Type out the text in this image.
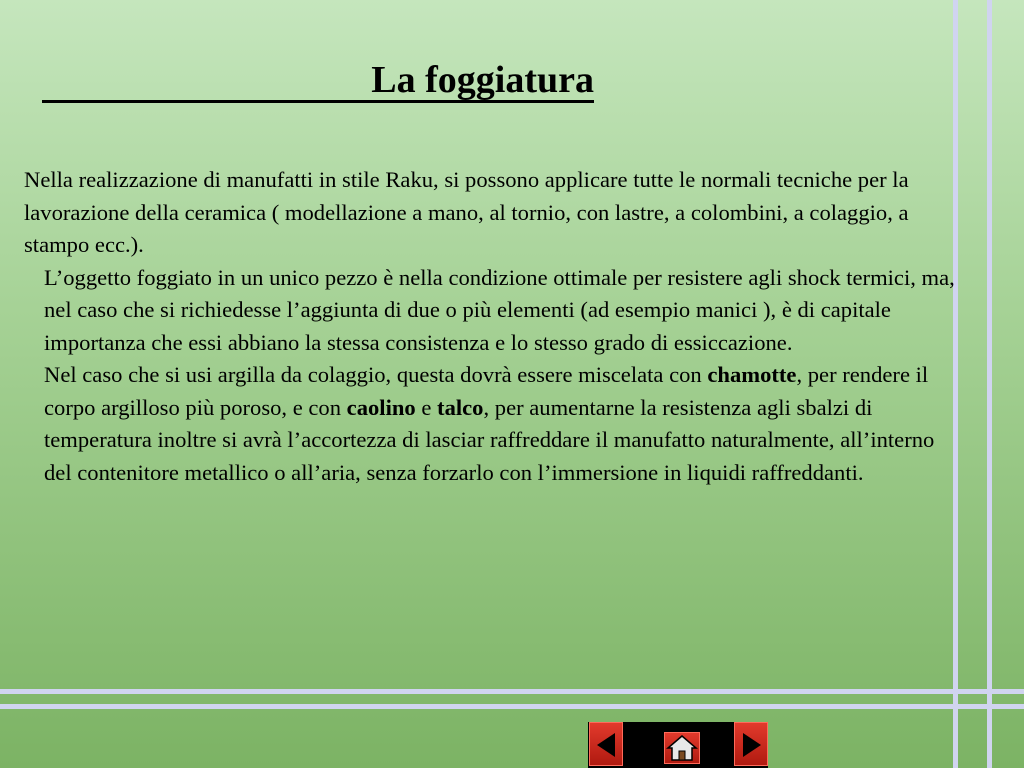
La foggiatura

Nella realizzazione di manufatti in stile Raku, si possono applicare tutte le normali tecniche per la lavorazione della ceramica ( modellazione a mano, al tornio, con lastre, a colombini, a colaggio, a stampo ecc.).

L’oggetto foggiato in un unico pezzo è nella condizione ottimale per resistere agli shock termici, ma, nel caso che si richiedesse l’aggiunta di due o più elementi (ad esempio manici ), è di capitale importanza che essi abbiano la stessa consistenza e lo stesso grado di essiccazione.

Nel caso che si usi argilla da colaggio, questa dovrà essere miscelata con chamotte, per rendere il corpo argilloso più poroso, e con caolino e talco, per aumentarne la resistenza agli sbalzi di temperatura inoltre si avrà l’accortezza di lasciar raffreddare il manufatto naturalmente, all’interno del contenitore metallico o all’aria, senza forzarlo con l’immersione in liquidi raffreddanti.
